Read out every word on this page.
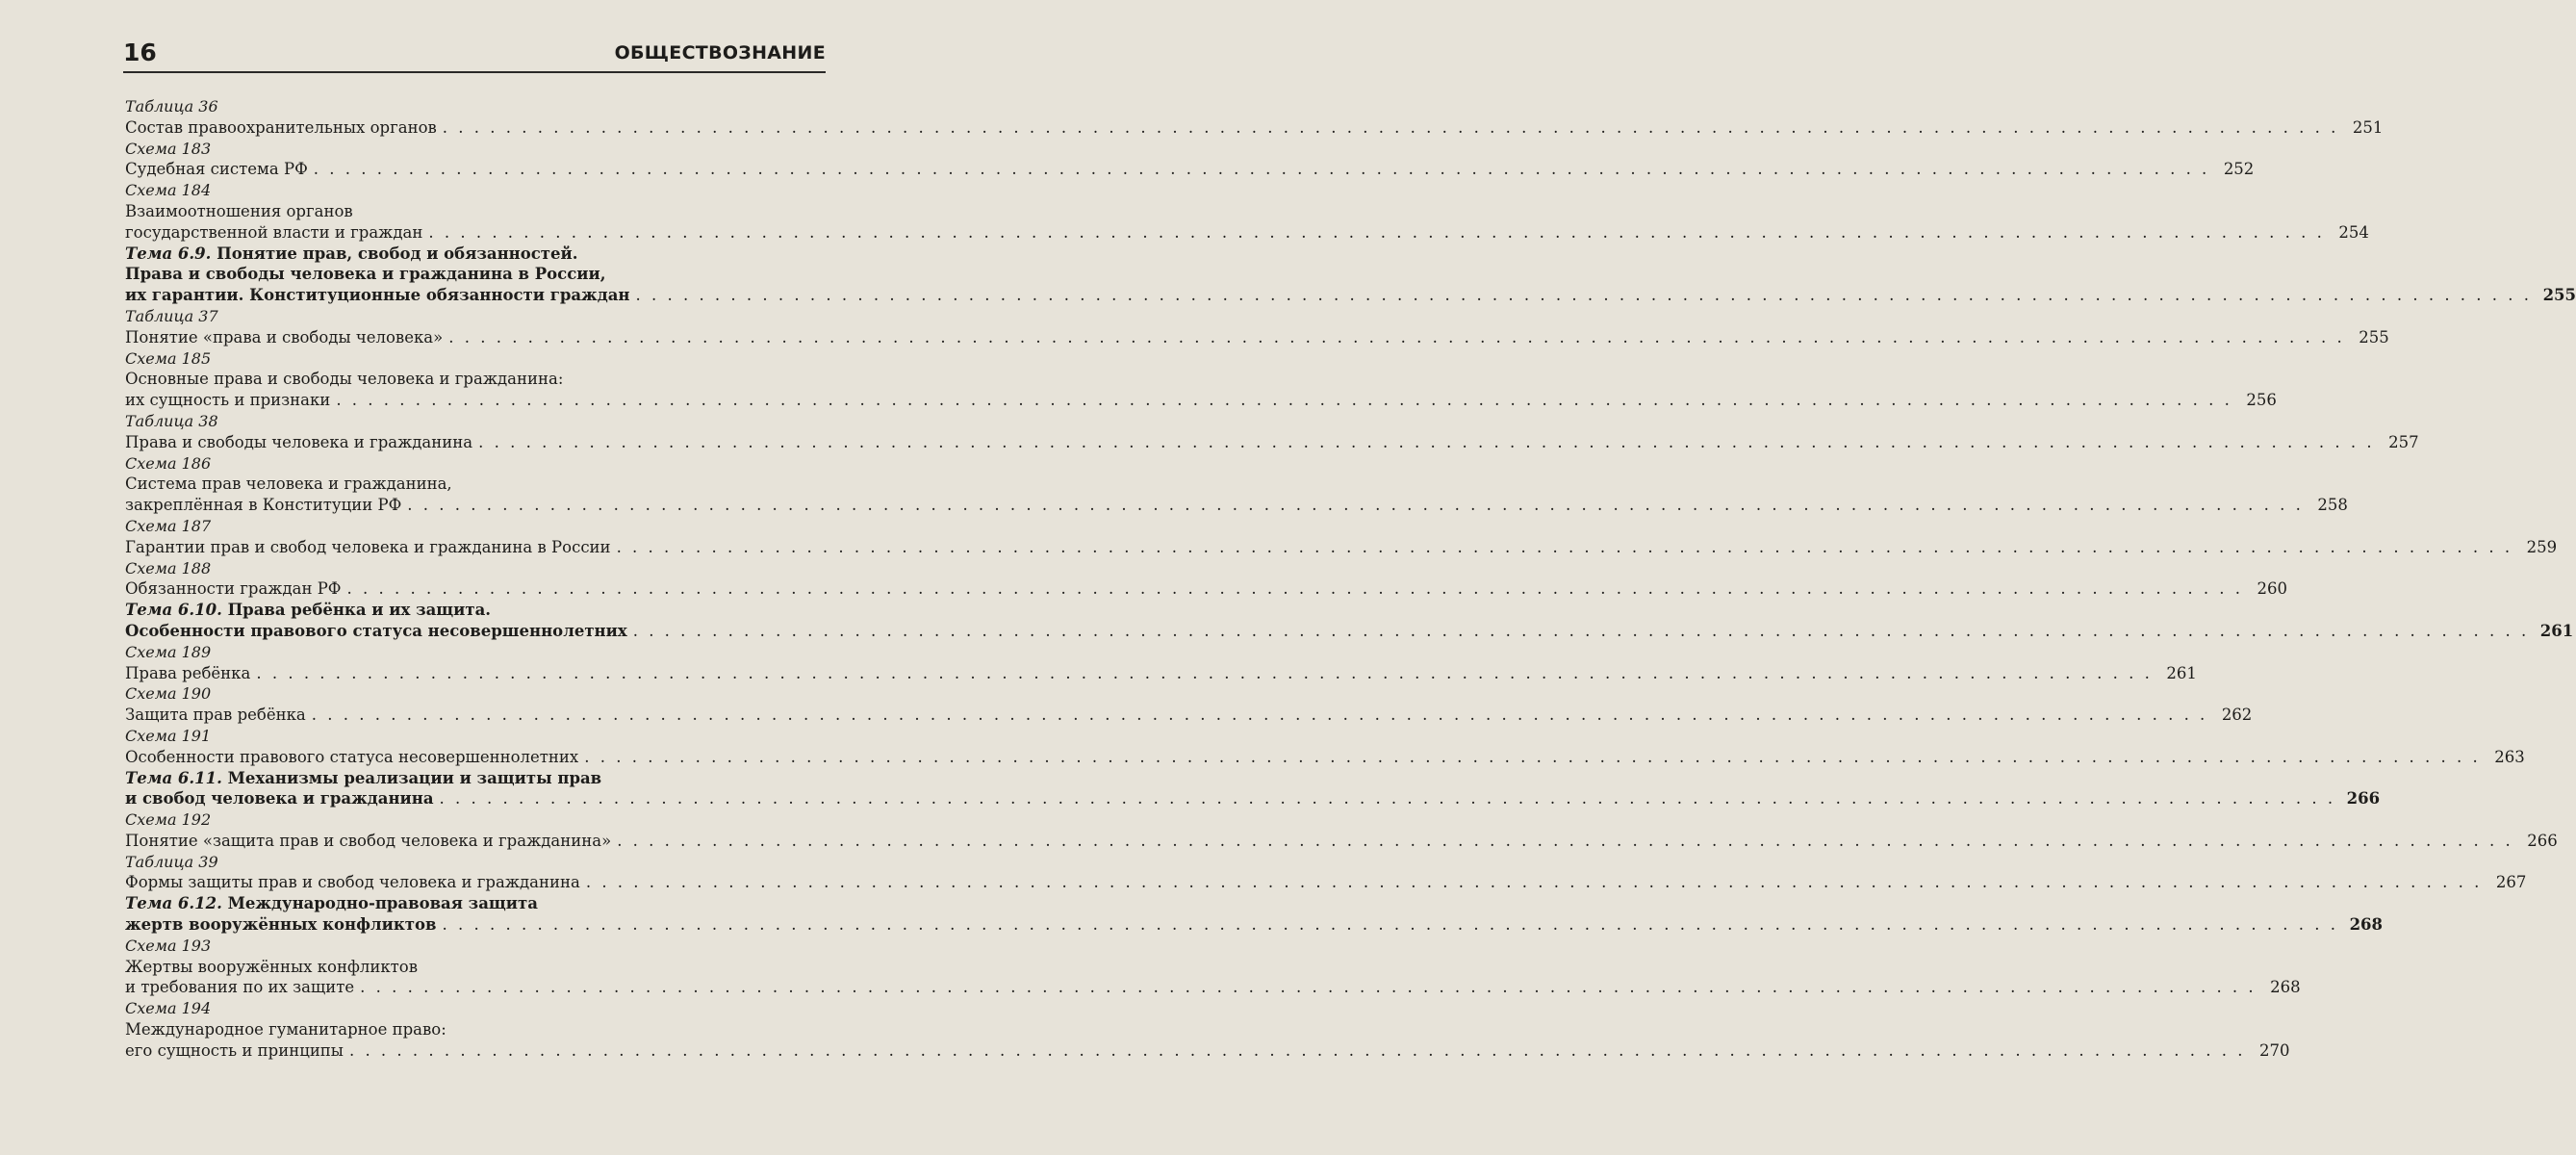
16	ОБЩЕСТВОЗНАНИЕ
Таблица 36
Состав правоохранительных органов . . . . . . . . . . . . . . . . . . . . . . . . . . . . . . . . . . . . . . . . . . . . . . . . . . . . . . . . . . . . . . . . . . . . . . . . . . . . . . . . . . . . . . . . . . . . . . . . . . . . . . . . . . . . . . . . . . . . . . . . 251
Схема 183
Судебная система РФ . . . . . . . . . . . . . . . . . . . . . . . . . . . . . . . . . . . . . . . . . . . . . . . . . . . . . . . . . . . . . . . . . . . . . . . . . . . . . . . . . . . . . . . . . . . . . . . . . . . . . . . . . . . . . . . . . . . . . . . . 252
Схема 184
Взаимоотношения органов
государственной власти и граждан . . . . . . . . . . . . . . . . . . . . . . . . . . . . . . . . . . . . . . . . . . . . . . . . . . . . . . . . . . . . . . . . . . . . . . . . . . . . . . . . . . . . . . . . . . . . . . . . . . . . . . . . . . . . . . . . . . . . . . . . 254
Тема 6.9. Понятие прав, свобод и обязанностей.
Права и свободы человека и гражданина в России,
их гарантии. Конституционные обязанности граждан . . . . . . . . . . . . . . . . . . . . . . . . . . . . . . . . . . . . . . . . . . . . . . . . . . . . . . . . . . . . . . . . . . . . . . . . . . . . . . . . . . . . . . . . . . . . . . . . . . . . . . . . . . . . . . . . . . . . . . . . 255
Таблица 37
Понятие «права и свободы человека» . . . . . . . . . . . . . . . . . . . . . . . . . . . . . . . . . . . . . . . . . . . . . . . . . . . . . . . . . . . . . . . . . . . . . . . . . . . . . . . . . . . . . . . . . . . . . . . . . . . . . . . . . . . . . . . . . . . . . . . . 255
Схема 185
Основные права и свободы человека и гражданина:
их сущность и признаки . . . . . . . . . . . . . . . . . . . . . . . . . . . . . . . . . . . . . . . . . . . . . . . . . . . . . . . . . . . . . . . . . . . . . . . . . . . . . . . . . . . . . . . . . . . . . . . . . . . . . . . . . . . . . . . . . . . . . . . . 256
Таблица 38
Права и свободы человека и гражданина . . . . . . . . . . . . . . . . . . . . . . . . . . . . . . . . . . . . . . . . . . . . . . . . . . . . . . . . . . . . . . . . . . . . . . . . . . . . . . . . . . . . . . . . . . . . . . . . . . . . . . . . . . . . . . . . . . . . . . . . 257
Схема 186
Система прав человека и гражданина,
закреплённая в Конституции РФ . . . . . . . . . . . . . . . . . . . . . . . . . . . . . . . . . . . . . . . . . . . . . . . . . . . . . . . . . . . . . . . . . . . . . . . . . . . . . . . . . . . . . . . . . . . . . . . . . . . . . . . . . . . . . . . . . . . . . . . . 258
Схема 187
Гарантии прав и свобод человека и гражданина в России . . . . . . . . . . . . . . . . . . . . . . . . . . . . . . . . . . . . . . . . . . . . . . . . . . . . . . . . . . . . . . . . . . . . . . . . . . . . . . . . . . . . . . . . . . . . . . . . . . . . . . . . . . . . . . . . . . . . . . . . 259
Схема 188
Обязанности граждан РФ . . . . . . . . . . . . . . . . . . . . . . . . . . . . . . . . . . . . . . . . . . . . . . . . . . . . . . . . . . . . . . . . . . . . . . . . . . . . . . . . . . . . . . . . . . . . . . . . . . . . . . . . . . . . . . . . . . . . . . . . 260
Тема 6.10. Права ребёнка и их защита.
Особенности правового статуса несовершеннолетних . . . . . . . . . . . . . . . . . . . . . . . . . . . . . . . . . . . . . . . . . . . . . . . . . . . . . . . . . . . . . . . . . . . . . . . . . . . . . . . . . . . . . . . . . . . . . . . . . . . . . . . . . . . . . . . . . . . . . . . . 261
Схема 189
Права ребёнка . . . . . . . . . . . . . . . . . . . . . . . . . . . . . . . . . . . . . . . . . . . . . . . . . . . . . . . . . . . . . . . . . . . . . . . . . . . . . . . . . . . . . . . . . . . . . . . . . . . . . . . . . . . . . . . . . . . . . . . . 261
Схема 190
Защита прав ребёнка . . . . . . . . . . . . . . . . . . . . . . . . . . . . . . . . . . . . . . . . . . . . . . . . . . . . . . . . . . . . . . . . . . . . . . . . . . . . . . . . . . . . . . . . . . . . . . . . . . . . . . . . . . . . . . . . . . . . . . . . 262
Схема 191
Особенности правового статуса несовершеннолетних . . . . . . . . . . . . . . . . . . . . . . . . . . . . . . . . . . . . . . . . . . . . . . . . . . . . . . . . . . . . . . . . . . . . . . . . . . . . . . . . . . . . . . . . . . . . . . . . . . . . . . . . . . . . . . . . . . . . . . . . 263
Тема 6.11. Механизмы реализации и защиты прав
и свобод человека и гражданина . . . . . . . . . . . . . . . . . . . . . . . . . . . . . . . . . . . . . . . . . . . . . . . . . . . . . . . . . . . . . . . . . . . . . . . . . . . . . . . . . . . . . . . . . . . . . . . . . . . . . . . . . . . . . . . . . . . . . . . . 266
Схема 192
Понятие «защита прав и свобод человека и гражданина» . . . . . . . . . . . . . . . . . . . . . . . . . . . . . . . . . . . . . . . . . . . . . . . . . . . . . . . . . . . . . . . . . . . . . . . . . . . . . . . . . . . . . . . . . . . . . . . . . . . . . . . . . . . . . . . . . . . . . . . . 266
Таблица 39
Формы защиты прав и свобод человека и гражданина . . . . . . . . . . . . . . . . . . . . . . . . . . . . . . . . . . . . . . . . . . . . . . . . . . . . . . . . . . . . . . . . . . . . . . . . . . . . . . . . . . . . . . . . . . . . . . . . . . . . . . . . . . . . . . . . . . . . . . . . 267
Тема 6.12. Международно-правовая защита
жертв вооружённых конфликтов . . . . . . . . . . . . . . . . . . . . . . . . . . . . . . . . . . . . . . . . . . . . . . . . . . . . . . . . . . . . . . . . . . . . . . . . . . . . . . . . . . . . . . . . . . . . . . . . . . . . . . . . . . . . . . . . . . . . . . . . 268
Схема 193
Жертвы вооружённых конфликтов
и требования по их защите . . . . . . . . . . . . . . . . . . . . . . . . . . . . . . . . . . . . . . . . . . . . . . . . . . . . . . . . . . . . . . . . . . . . . . . . . . . . . . . . . . . . . . . . . . . . . . . . . . . . . . . . . . . . . . . . . . . . . . . . 268
Схема 194
Международное гуманитарное право:
его сущность и принципы . . . . . . . . . . . . . . . . . . . . . . . . . . . . . . . . . . . . . . . . . . . . . . . . . . . . . . . . . . . . . . . . . . . . . . . . . . . . . . . . . . . . . . . . . . . . . . . . . . . . . . . . . . . . . . . . . . . . . . . . 270
